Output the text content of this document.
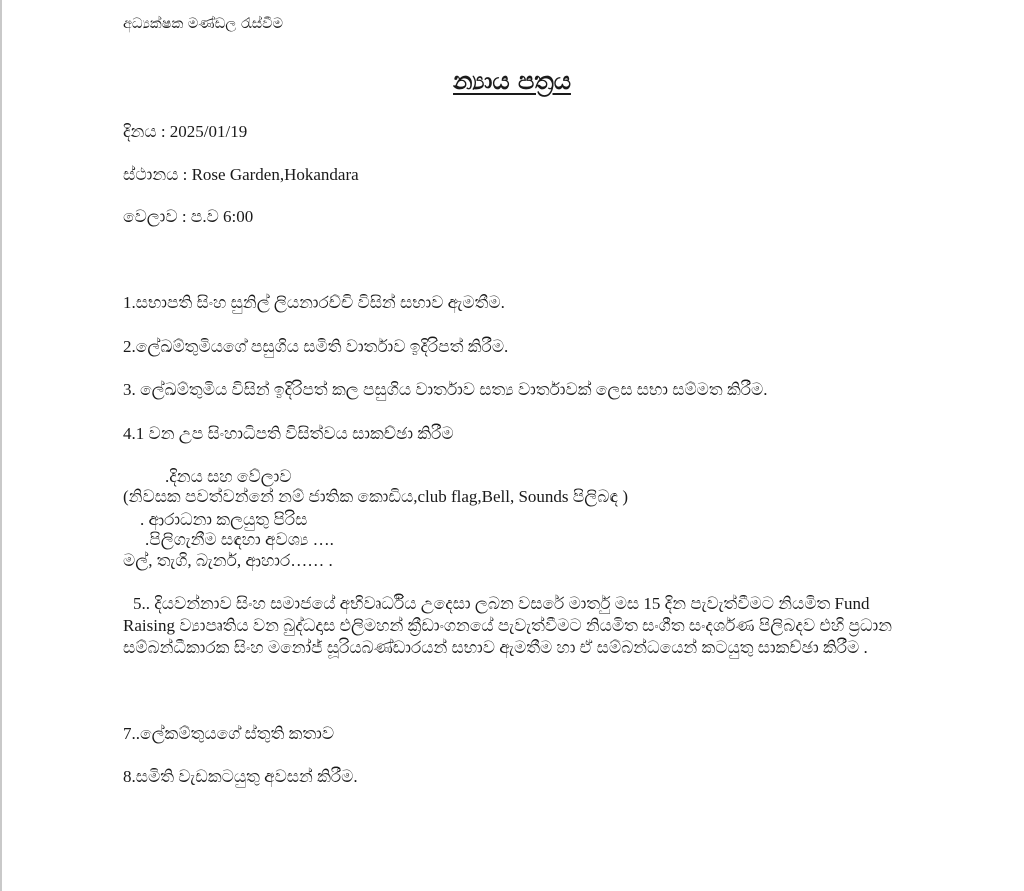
අධ්‍යක්ෂක මණ්ඩල රැස්වීම
න්‍යාය පත්‍රය
දිනය : 2025/01/19
ස්ථානය : Rose Garden,Hokandara
වෙලාව : ප.ව 6:00
1.සභාපති සිංහ සුනිල් ලියනාරච්චි විසින් සභාව ඇමතීම.
2.ලේඛම්තුමියගේ පසුගිය සමිති වාර්තාව ඉදිරිපත් කිරීම.
3. ලේඛම්තුමිය විසින් ඉදිරිපත් කල පසුගිය වාර්තාව සත්‍ය වාර්තාවක් ලෙස සභා සම්මත කිරීම.
4.1 වන උප සිංහාධිපති විසිත්වය සාකච්ඡා කිරීම
.දිනය සහ වේලාව
(නිවසක පවත්වන්නේ නම් ජාතික කොඩිය,club flag,Bell, Sounds පිලිබඳ )
. ආරාධනා කලයුතු පිරිස
.පිලිගැනීම සඳහා අවශ්‍ය ….
මල්, තැගි, බැනර්, ආහාර…… .
5.. දියවන්නාව සිංහ සමාජයේ අභිවෘර්ධිය උදෙසා ලබන වසරේ මාර්තු මස 15 දින පැවැත්වීමට නියමිත Fund Raising ව්‍යාපෘතිය වන බුද්ධදාස එලිමහන් ක්‍රීඩාංගනයේ පැවැත්වීමට නියමිත සංගීත සංදර්ශණ පිලිබදව එහි ප්‍රධාන සම්බන්ධීකාරක සිංහ මනෝජ් සූරියබණ්ඩාරයන් සභාව ඇමතීම හා ඒ සම්බන්ධයෙන් කටයුතු සාකච්ඡා කිරීම .
7..ලේකම්තුයගේ ස්තුති කතාව
8.සමිති වැඩකටයුතු අවසන් කිරීම.
